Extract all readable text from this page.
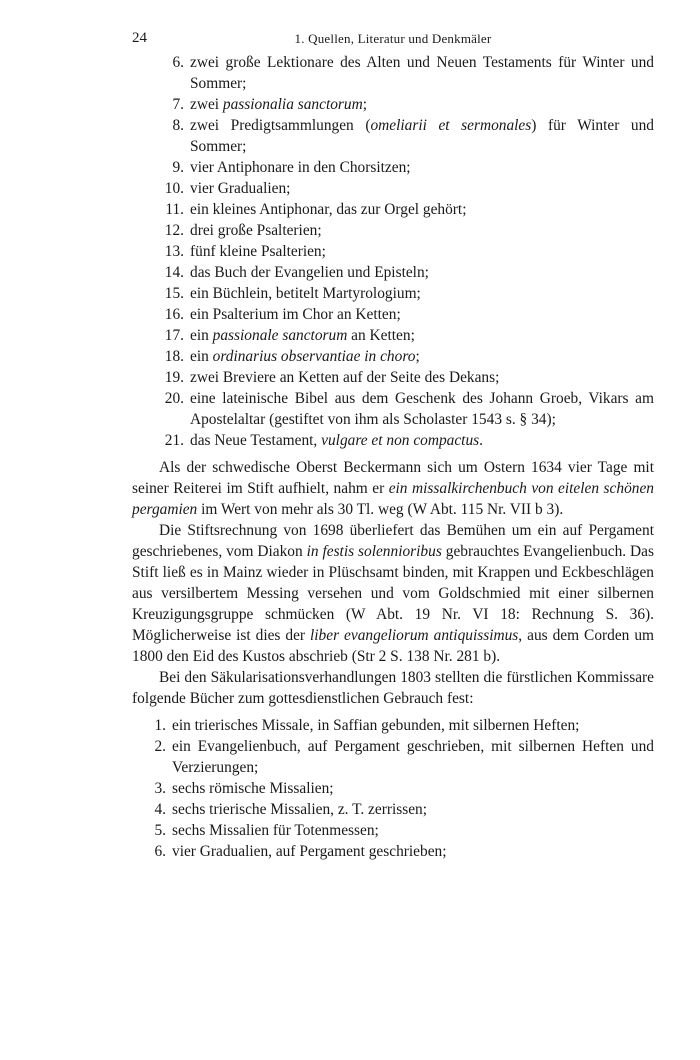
24	1. Quellen, Literatur und Denkmäler
6. zwei große Lektionare des Alten und Neuen Testaments für Winter und Sommer;
7. zwei passionalia sanctorum;
8. zwei Predigtsammlungen (omeliarii et sermonales) für Winter und Sommer;
9. vier Antiphonare in den Chorsitzen;
10. vier Gradualien;
11. ein kleines Antiphonar, das zur Orgel gehört;
12. drei große Psalterien;
13. fünf kleine Psalterien;
14. das Buch der Evangelien und Episteln;
15. ein Büchlein, betitelt Martyrologium;
16. ein Psalterium im Chor an Ketten;
17. ein passionale sanctorum an Ketten;
18. ein ordinarius observantiae in choro;
19. zwei Breviere an Ketten auf der Seite des Dekans;
20. eine lateinische Bibel aus dem Geschenk des Johann Groeb, Vikars am Apostelaltar (gestiftet von ihm als Scholaster 1543 s. § 34);
21. das Neue Testament, vulgare et non compactus.

Als der schwedische Oberst Beckermann sich um Ostern 1634 vier Tage mit seiner Reiterei im Stift aufhielt, nahm er ein missalkirchenbuch von eitelen schönen pergamien im Wert von mehr als 30 Tl. weg (W Abt. 115 Nr. VII b 3).

Die Stiftsrechnung von 1698 überliefert das Bemühen um ein auf Pergament geschriebenes, vom Diakon in festis solennioribus gebrauchtes Evangelienbuch. Das Stift ließ es in Mainz wieder in Plüschsamt binden, mit Krappen und Eckbeschlägen aus versilbertem Messing versehen und vom Goldschmied mit einer silbernen Kreuzigungsgruppe schmücken (W Abt. 19 Nr. VI 18: Rechnung S. 36). Möglicherweise ist dies der liber evangeliorum antiquissimus, aus dem Corden um 1800 den Eid des Kustos abschrieb (Str 2 S. 138 Nr. 281 b).

Bei den Säkularisationsverhandlungen 1803 stellten die fürstlichen Kommissare folgende Bücher zum gottesdienstlichen Gebrauch fest:

1. ein trierisches Missale, in Saffian gebunden, mit silbernen Heften;
2. ein Evangelienbuch, auf Pergament geschrieben, mit silbernen Heften und Verzierungen;
3. sechs römische Missalien;
4. sechs trierische Missalien, z. T. zerrissen;
5. sechs Missalien für Totenmessen;
6. vier Gradualien, auf Pergament geschrieben;
